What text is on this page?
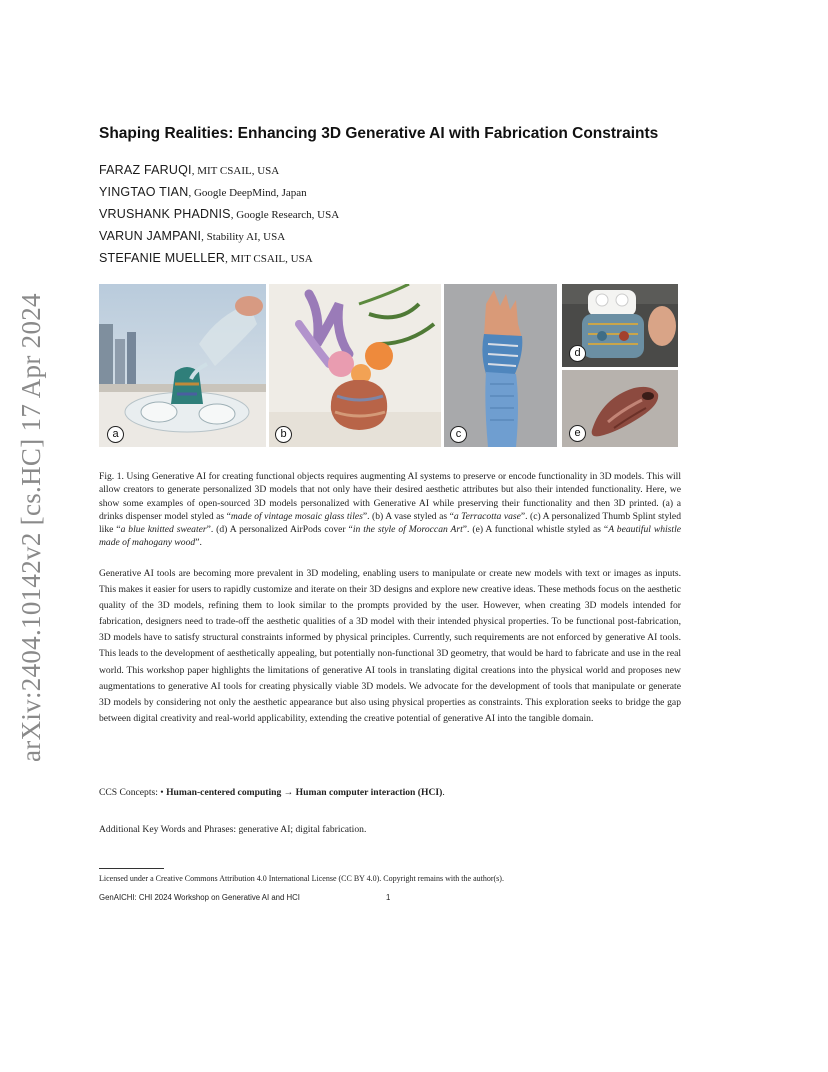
arXiv:2404.10142v2 [cs.HC] 17 Apr 2024
Shaping Realities: Enhancing 3D Generative AI with Fabrication Constraints
FARAZ FARUQI, MIT CSAIL, USA
YINGTAO TIAN, Google DeepMind, Japan
VRUSHANK PHADNIS, Google Research, USA
VARUN JAMPANI, Stability AI, USA
STEFANIE MUELLER, MIT CSAIL, USA
a	b	c
d
e
Fig. 1. Using Generative AI for creating functional objects requires augmenting AI systems to preserve or encode functionality in 3D models. This will allow creators to generate personalized 3D models that not only have their desired aesthetic attributes but also their intended functionality. Here, we show some examples of open-sourced 3D models personalized with Generative AI while preserving their functionality and then 3D printed. (a) a drinks dispenser model styled as “made of vintage mosaic glass tiles”. (b) A vase styled as “a Terracotta vase”. (c) A personalized Thumb Splint styled like “a blue knitted sweater”. (d) A personalized AirPods cover “in the style of Moroccan Art”. (e) A functional whistle styled as “A beautiful whistle made of mahogany wood”.
Generative AI tools are becoming more prevalent in 3D modeling, enabling users to manipulate or create new models with text or images as inputs. This makes it easier for users to rapidly customize and iterate on their 3D designs and explore new creative ideas. These methods focus on the aesthetic quality of the 3D models, refining them to look similar to the prompts provided by the user. However, when creating 3D models intended for fabrication, designers need to trade-off the aesthetic qualities of a 3D model with their intended physical properties. To be functional post-fabrication, 3D models have to satisfy structural constraints informed by physical principles. Currently, such requirements are not enforced by generative AI tools. This leads to the development of aesthetically appealing, but potentially non-functional 3D geometry, that would be hard to fabricate and use in the real world. This workshop paper highlights the limitations of generative AI tools in translating digital creations into the physical world and proposes new augmentations to generative AI tools for creating physically viable 3D models. We advocate for the development of tools that manipulate or generate 3D models by considering not only the aesthetic appearance but also using physical properties as constraints. This exploration seeks to bridge the gap between digital creativity and real-world applicability, extending the creative potential of generative AI into the tangible domain.
CCS Concepts: • Human-centered computing → Human computer interaction (HCI).
Additional Key Words and Phrases: generative AI; digital fabrication.
Licensed under a Creative Commons Attribution 4.0 International License (CC BY 4.0). Copyright remains with the author(s).
GenAICHI: CHI 2024 Workshop on Generative AI and HCI	1
